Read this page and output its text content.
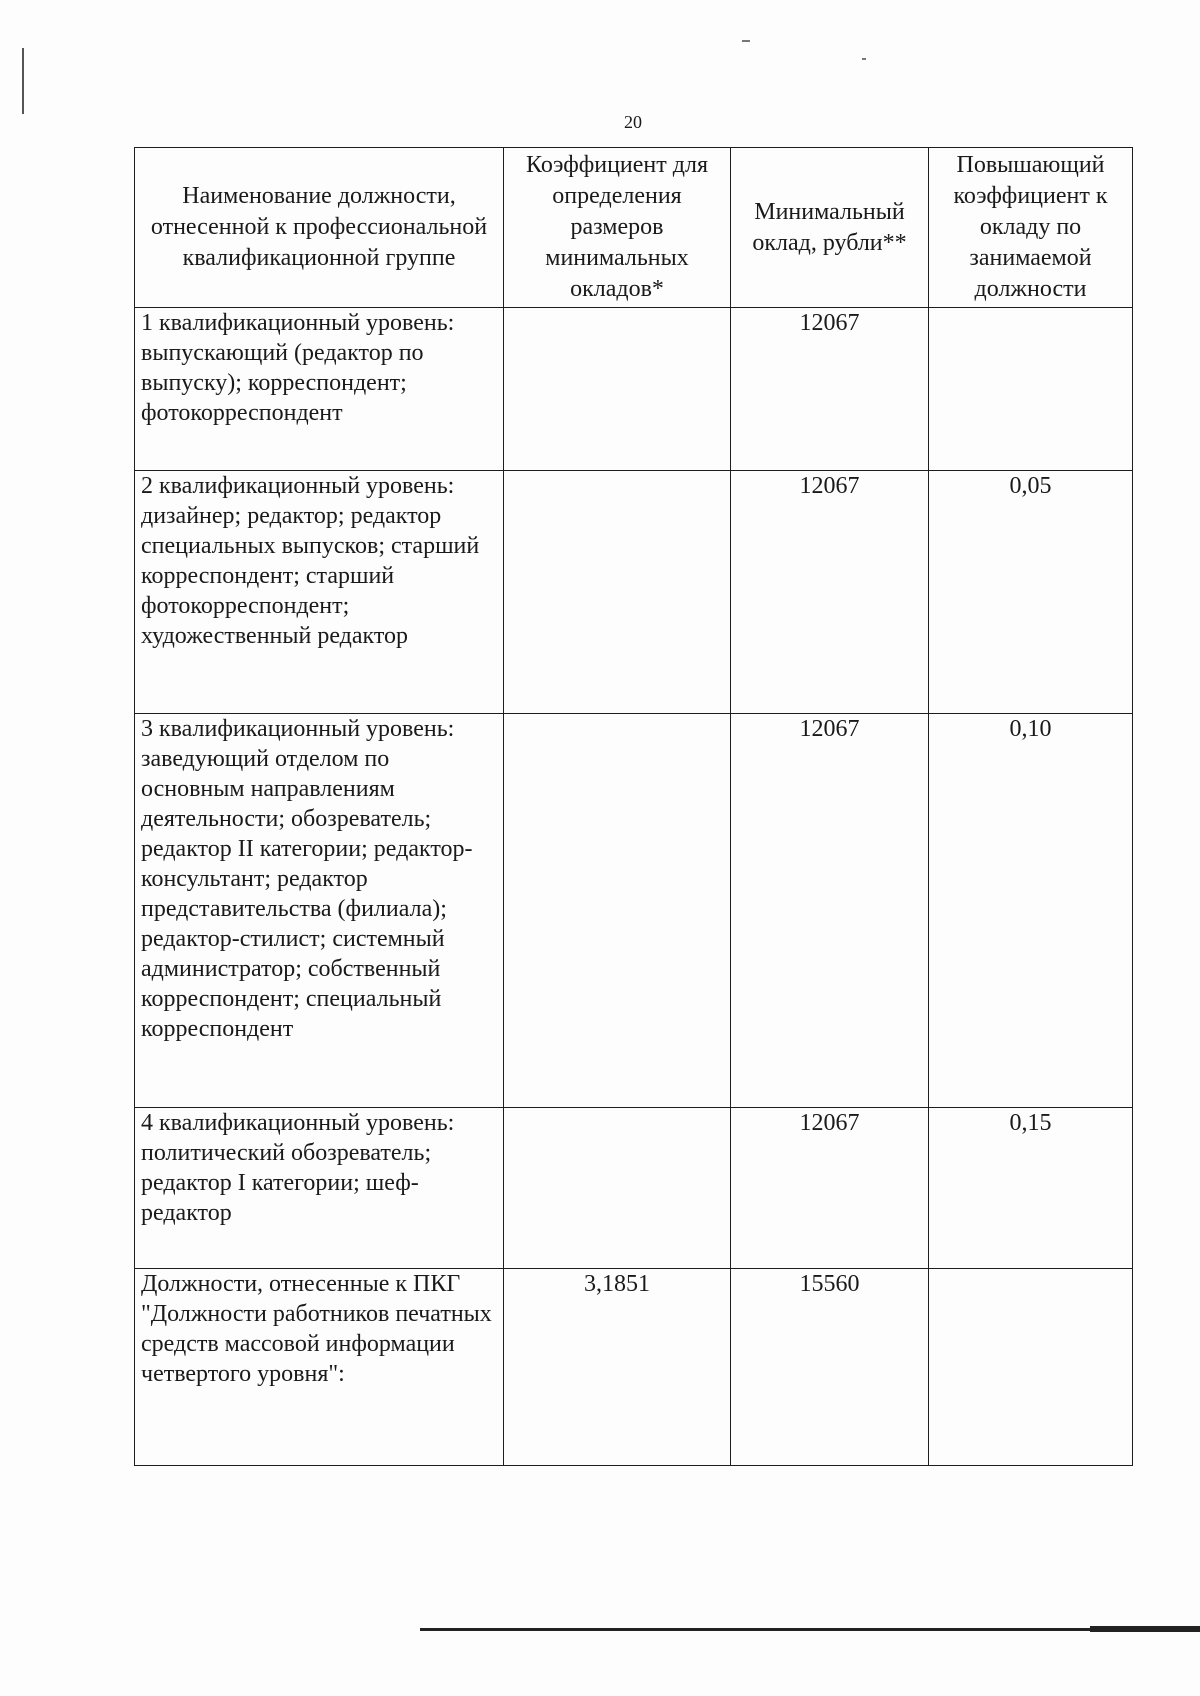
20
Наименование должности, отнесенной к профессиональной квалификационной группе	Коэффициент для определения размеров минимальных окладов*	Минимальный оклад, рубли**	Повышающий коэффициент к окладу по занимаемой должности
1 квалификационный уровень: выпускающий (редактор по выпуску); корреспондент; фотокорреспондент		12067	
2 квалификационный уровень: дизайнер; редактор; редактор специальных выпусков; старший корреспондент; старший фотокорреспондент; художественный редактор		12067	0,05
3 квалификационный уровень: заведующий отделом по основным направлениям деятельности; обозреватель; редактор II категории; редактор-консультант; редактор представительства (филиала); редактор-стилист; системный администратор; собственный корреспондент; специальный корреспондент		12067	0,10
4 квалификационный уровень: политический обозреватель; редактор I категории; шеф-редактор		12067	0,15
Должности, отнесенные к ПКГ "Должности работников печатных средств массовой информации четвертого уровня":	3,1851	15560	
